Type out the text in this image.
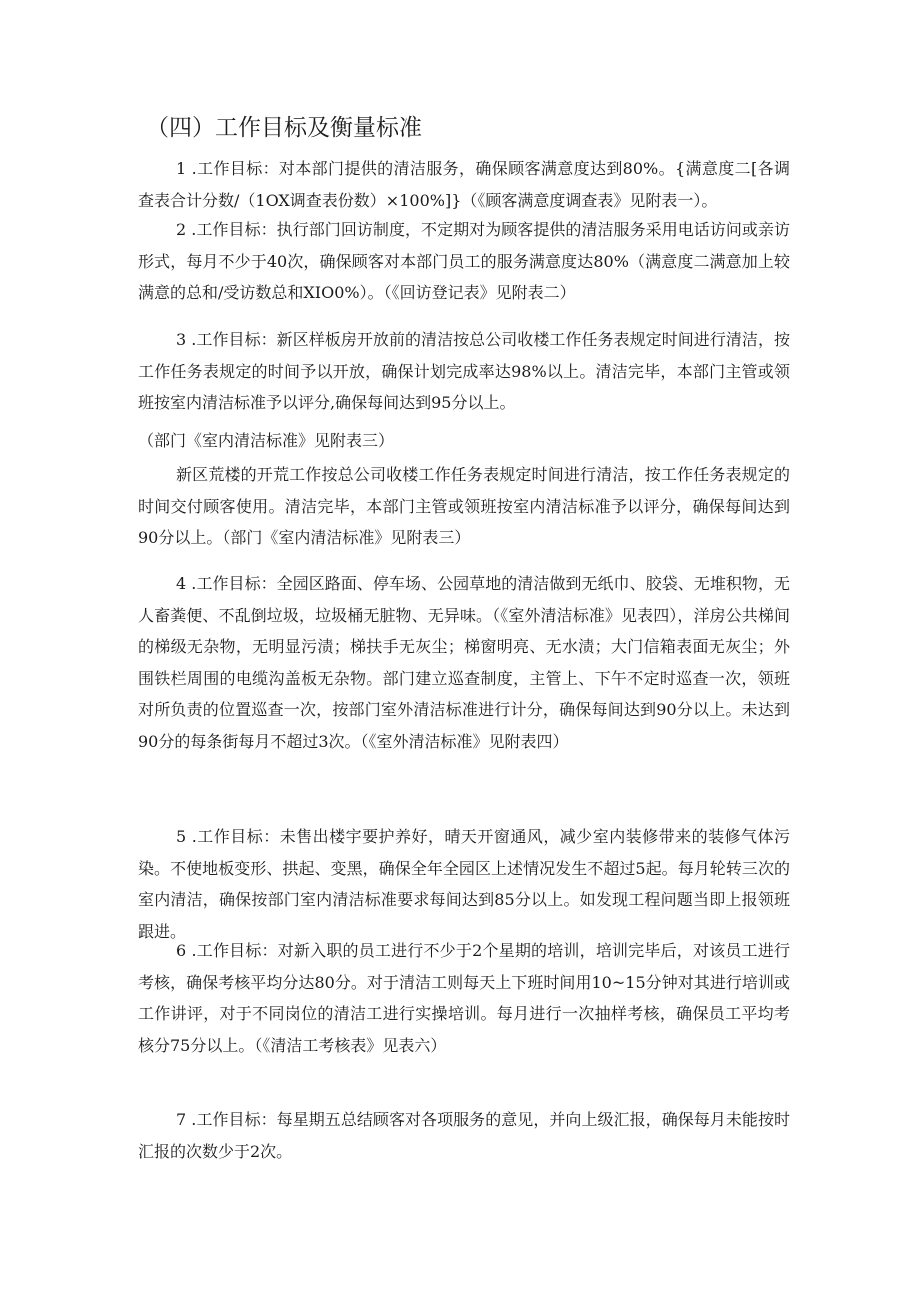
（四）工作目标及衡量标准

1 .工作目标：对本部门提供的清洁服务，确保顾客满意度达到80%。{满意度二[各调查表合计分数/（1OX调查表份数）×100%]}（《顾客满意度调查表》见附表一）。

2 .工作目标：执行部门回访制度，不定期对为顾客提供的清洁服务采用电话访问或亲访形式，每月不少于40次，确保顾客对本部门员工的服务满意度达80%（满意度二满意加上较满意的总和/受访数总和XIO0%）。（《回访登记表》见附表二）

3 .工作目标：新区样板房开放前的清洁按总公司收楼工作任务表规定时间进行清洁，按工作任务表规定的时间予以开放，确保计划完成率达98%以上。清洁完毕，本部门主管或领班按室内清洁标准予以评分,确保每间达到95分以上。

（部门《室内清洁标准》见附表三）

新区荒楼的开荒工作按总公司收楼工作任务表规定时间进行清洁，按工作任务表规定的时间交付顾客使用。清洁完毕，本部门主管或领班按室内清洁标准予以评分，确保每间达到90分以上。（部门《室内清洁标准》见附表三）

4 .工作目标：全园区路面、停车场、公园草地的清洁做到无纸巾、胶袋、无堆积物，无人畜粪便、不乱倒垃圾，垃圾桶无脏物、无异味。（《室外清洁标准》见表四），洋房公共梯间的梯级无杂物，无明显污渍；梯扶手无灰尘；梯窗明亮、无水渍；大门信箱表面无灰尘；外围铁栏周围的电缆沟盖板无杂物。部门建立巡查制度，主管上、下午不定时巡查一次，领班对所负责的位置巡查一次，按部门室外清洁标准进行计分，确保每间达到90分以上。未达到90分的每条街每月不超过3次。（《室外清洁标准》见附表四）

5 .工作目标：未售出楼宇要护养好，晴天开窗通风，减少室内装修带来的装修气体污染。不使地板变形、拱起、变黑，确保全年全园区上述情况发生不超过5起。每月轮转三次的室内清洁，确保按部门室内清洁标准要求每间达到85分以上。如发现工程问题当即上报领班跟进。

6 .工作目标：对新入职的员工进行不少于2个星期的培训，培训完毕后，对该员工进行考核，确保考核平均分达80分。对于清洁工则每天上下班时间用10~15分钟对其进行培训或工作讲评，对于不同岗位的清洁工进行实操培训。每月进行一次抽样考核，确保员工平均考核分75分以上。（《清洁工考核表》见表六）

7 .工作目标：每星期五总结顾客对各项服务的意见，并向上级汇报，确保每月未能按时汇报的次数少于2次。
